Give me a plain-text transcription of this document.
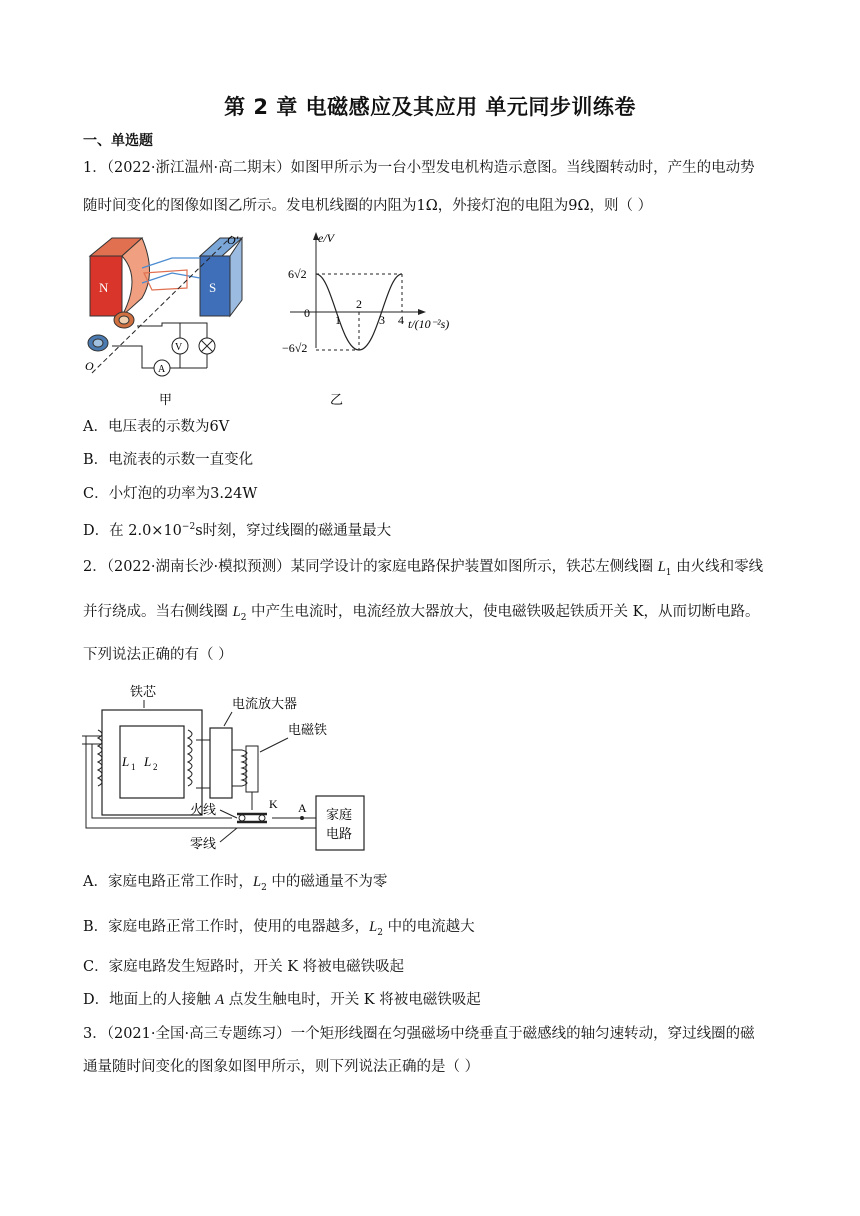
第 2 章 电磁感应及其应用 单元同步训练卷
一、单选题
1．（2022·浙江温州·高二期末）如图甲所示为一台小型发电机构造示意图。当线圈转动时，产生的电动势
随时间变化的图像如图乙所示。发电机线圈的内阻为1Ω，外接灯泡的电阻为9Ω，则（ ）
N	S
O′
O
V
A
甲
e/V
t/(10⁻²s)
6√2
−6√2
0 1
2
3 4
乙
A．电压表的示数为6V
B．电流表的示数一直变化
C．小灯泡的功率为3.24W
D．在 $2.0\times 10^{-2}s$时刻，穿过线圈的磁通量最大
2．（2022·湖南长沙·模拟预测）某同学设计的家庭电路保护装置如图所示，铁芯左侧线圈 $L_1$ 由火线和零线
并行绕成。当右侧线圈 $L_2$ 中产生电流时，电流经放大器放大，使电磁铁吸起铁质开关 K，从而切断电路。
下列说法正确的有（ ）
铁芯
L 1 L 2
电流放大器
电磁铁
K A
火线
零线
家庭
电路
A．家庭电路正常工作时，$L_2$ 中的磁通量不为零
B．家庭电路正常工作时，使用的电器越多，$L_2$ 中的电流越大
C．家庭电路发生短路时，开关 K 将被电磁铁吸起
D．地面上的人接触 A 点发生触电时，开关 K 将被电磁铁吸起
3．（2021·全国·高三专题练习）一个矩形线圈在匀强磁场中绕垂直于磁感线的轴匀速转动，穿过线圈的磁
通量随时间变化的图象如图甲所示，则下列说法正确的是（ ）
